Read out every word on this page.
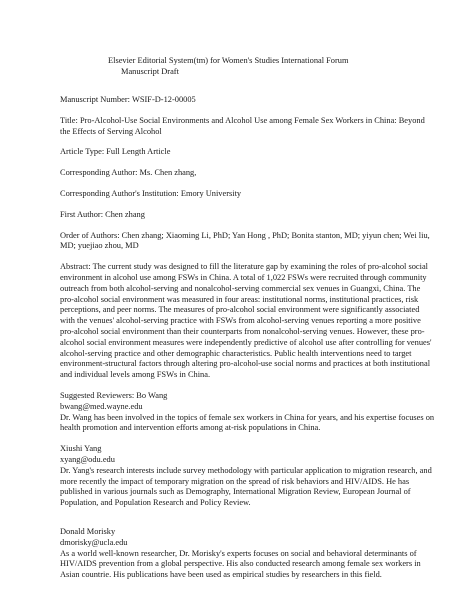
Elsevier Editorial System(tm) for Women's Studies International Forum
Manuscript Draft

Manuscript Number: WSIF-D-12-00005

Title: Pro-Alcohol-Use Social Environments and Alcohol Use among Female Sex Workers in China: Beyond the Effects of Serving Alcohol

Article Type: Full Length Article

Corresponding Author: Ms. Chen zhang,

Corresponding Author's Institution: Emory University

First Author: Chen zhang

Order of Authors: Chen zhang; Xiaoming Li, PhD; Yan Hong , PhD; Bonita stanton, MD; yiyun chen; Wei liu, MD; yuejiao zhou, MD

Abstract: The current study was designed to fill the literature gap by examining the roles of pro-alcohol social environment in alcohol use among FSWs in China. A total of 1,022 FSWs were recruited through community outreach from both alcohol-serving and nonalcohol-serving commercial sex venues in Guangxi, China. The pro-alcohol social environment was measured in four areas: institutional norms, institutional practices, risk perceptions, and peer norms. The measures of pro-alcohol social environment were significantly associated with the venues' alcohol-serving practice with FSWs from alcohol-serving venues reporting a more positive pro-alcohol social environment than their counterparts from nonalcohol-serving venues. However, these pro-alcohol social environment measures were independently predictive of alcohol use after controlling for venues' alcohol-serving practice and other demographic characteristics. Public health interventions need to target environment-structural factors through altering pro-alcohol-use social norms and practices at both institutional and individual levels among FSWs in China.

Suggested Reviewers: Bo Wang
bwang@med.wayne.edu
Dr. Wang has been involved in the topics of female sex workers in China for years, and his expertise focuses on health promotion and intervention efforts among at-risk populations in China.
Xiushi Yang
xyang@odu.edu
Dr. Yang's research interests include survey methodology with particular application to migration research, and more recently the impact of temporary migration on the spread of risk behaviors and HIV/AIDS. He has published in various journals such as Demography, International Migration Review, European Journal of Population, and Population Research and Policy Review.
Donald Morisky
dmorisky@ucla.edu
As a world well-known researcher, Dr. Morisky's experts focuses on social and behavioral determinants of HIV/AIDS prevention from a global perspective. His also conducted research among female sex workers in Asian countrie. His publications have been used as empirical studies by researchers in this field.
